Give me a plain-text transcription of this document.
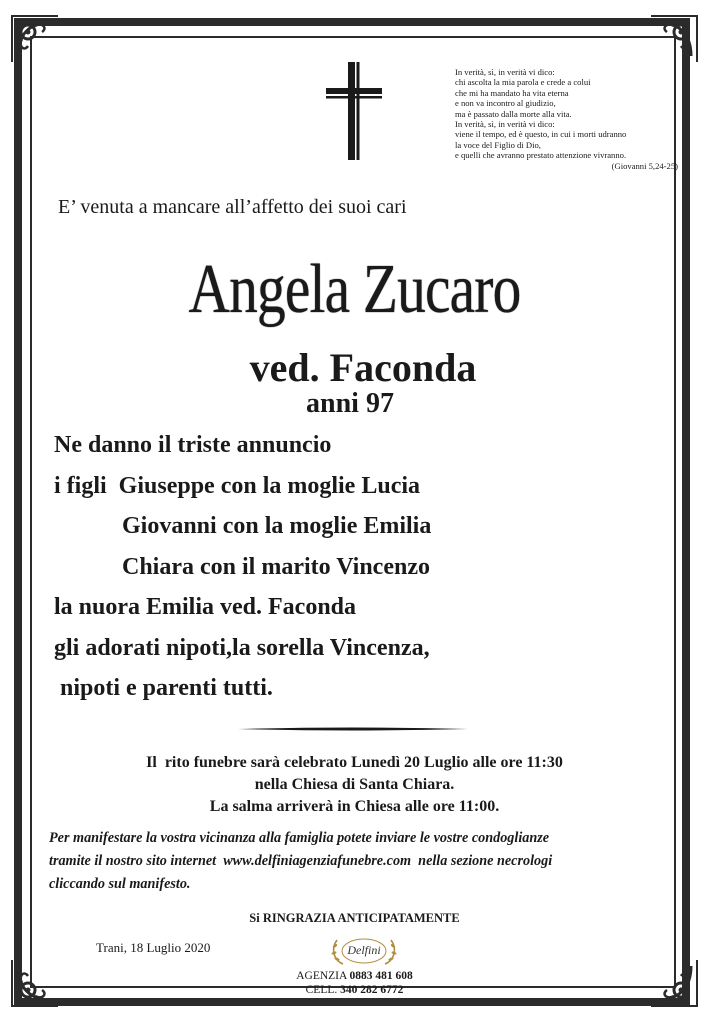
In verità, sì, in verità vi dico:
chi ascolta la mia parola e crede a colui
che mi ha mandato ha vita eterna
e non va incontro al giudizio,
ma è passato dalla morte alla vita.
In verità, sì, in verità vi dico:
viene il tempo, ed è questo, in cui i morti udranno
la voce del Figlio di Dio,
e quelli che avranno prestato attenzione vivranno.
(Giovanni 5,24-25)
E’ venuta a mancare all’affetto dei suoi cari
Angela Zucaro
ved. Faconda
anni 97
Ne danno il triste annuncio
i figli  Giuseppe con la moglie Lucia
Giovanni con la moglie Emilia
Chiara con il marito Vincenzo
la nuora Emilia ved. Faconda
gli adorati nipoti,la sorella Vincenza,
nipoti e parenti tutti.
Il  rito funebre sarà celebrato Lunedì 20 Luglio alle ore 11:30
nella Chiesa di Santa Chiara.
La salma arriverà in Chiesa alle ore 11:00.
Per manifestare la vostra vicinanza alla famiglia potete inviare le vostre condoglianze
tramite il nostro sito internet  www.delfiniagenziafunebre.com  nella sezione necrologi
cliccando sul manifesto.
Si RINGRAZIA ANTICIPATAMENTE
Trani, 18 Luglio 2020	Delfini
AGENZIA 0883 481 608
CELL. 340 282 6772
